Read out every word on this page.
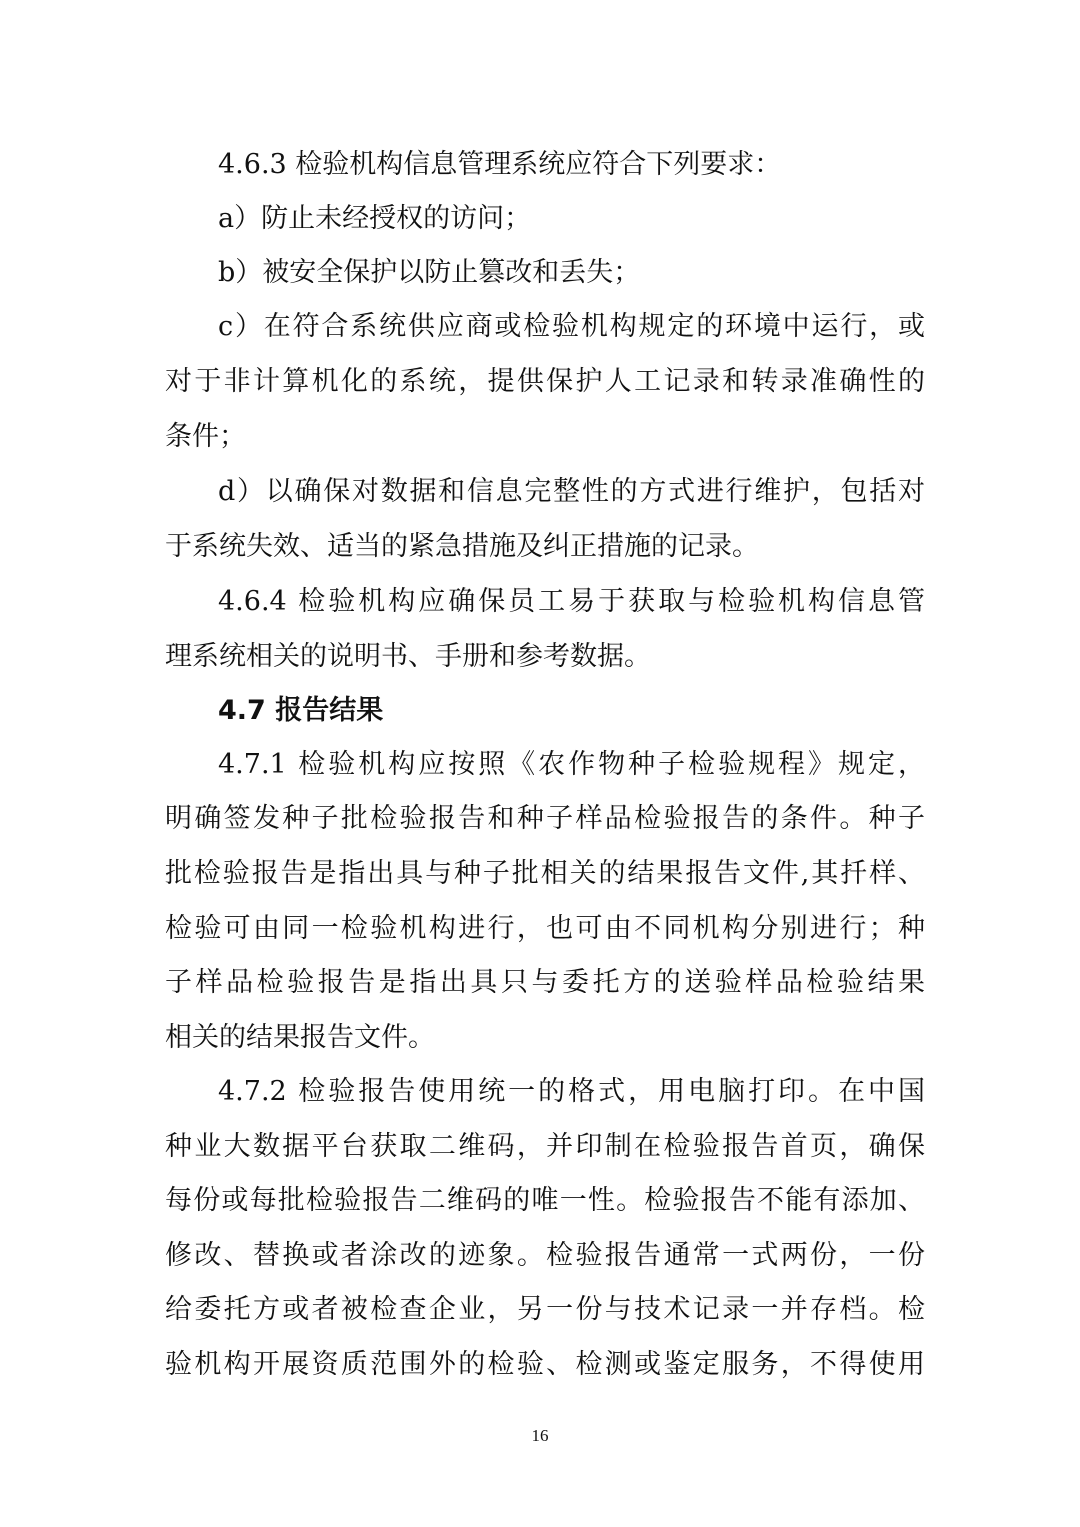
4.6.3 检验机构信息管理系统应符合下列要求：
a）防止未经授权的访问；
b）被安全保护以防止篡改和丢失；
c）在符合系统供应商或检验机构规定的环境中运行，或
对于非计算机化的系统，提供保护人工记录和转录准确性的
条件；
d）以确保对数据和信息完整性的方式进行维护，包括对
于系统失效、适当的紧急措施及纠正措施的记录。
4.6.4 检验机构应确保员工易于获取与检验机构信息管
理系统相关的说明书、手册和参考数据。
4.7 报告结果
4.7.1 检验机构应按照《农作物种子检验规程》规定，
明确签发种子批检验报告和种子样品检验报告的条件。种子
批检验报告是指出具与种子批相关的结果报告文件,其扦样、
检验可由同一检验机构进行，也可由不同机构分别进行；种
子样品检验报告是指出具只与委托方的送验样品检验结果
相关的结果报告文件。
4.7.2 检验报告使用统一的格式，用电脑打印。在中国
种业大数据平台获取二维码，并印制在检验报告首页，确保
每份或每批检验报告二维码的唯一性。检验报告不能有添加、
修改、替换或者涂改的迹象。检验报告通常一式两份，一份
给委托方或者被检查企业，另一份与技术记录一并存档。检
验机构开展资质范围外的检验、检测或鉴定服务，不得使用
16
